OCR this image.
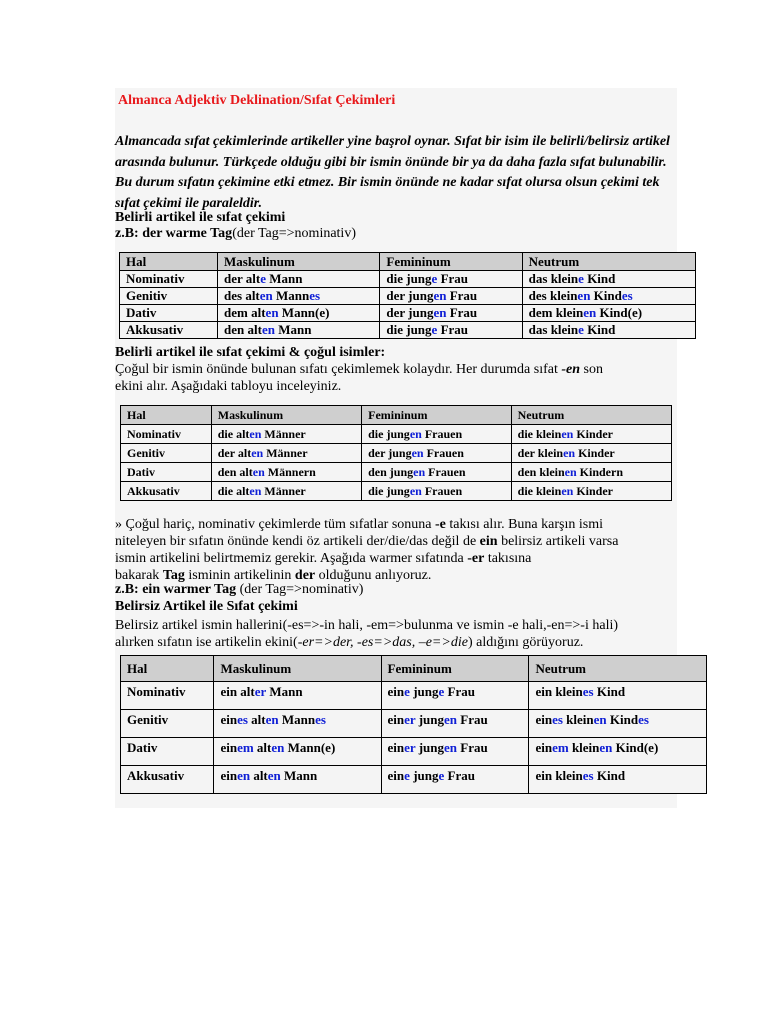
Almanca Adjektiv Deklination/Sıfat Çekimleri
Almancada sıfat çekimlerinde artikeller yine başrol oynar. Sıfat bir isim ile belirli/belirsiz artikel arasında bulunur. Türkçede olduğu gibi bir ismin önünde bir ya da daha fazla sıfat bulunabilir. Bu durum sıfatın çekimine etki etmez. Bir ismin önünde ne kadar sıfat olursa olsun çekimi tek sıfat çekimi ile paraleldir.
Belirli artikel ile sıfat çekimi
z.B: der warme Tag(der Tag=>nominativ)
Hal	Maskulinum	Femininum	Neutrum
Nominativ	der alte Mann	die junge Frau	das kleine Kind
Genitiv	des alten Mannes	der jungen Frau	des kleinen Kindes
Dativ	dem alten Mann(e)	der jungen Frau	dem kleinen Kind(e)
Akkusativ	den alten Mann	die junge Frau	das kleine Kind
Belirli artikel ile sıfat çekimi & çoğul isimler:
Çoğul bir ismin önünde bulunan sıfatı çekimlemek kolaydır. Her durumda sıfat -en son
ekini alır. Aşağıdaki tabloyu inceleyiniz.
Hal	Maskulinum	Femininum	Neutrum
Nominativ	die alten Männer	die jungen Frauen	die kleinen Kinder
Genitiv	der alten Männer	der jungen Frauen	der kleinen Kinder
Dativ	den alten Männern	den jungen Frauen	den kleinen Kindern
Akkusativ	die alten Männer	die jungen Frauen	die kleinen Kinder
» Çoğul hariç, nominativ çekimlerde tüm sıfatlar sonuna -e takısı alır. Buna karşın ismi
niteleyen bir sıfatın önünde kendi öz artikeli der/die/das değil de ein belirsiz artikeli varsa
ismin artikelini belirtmemiz gerekir. Aşağıda warmer sıfatında -er takısına
bakarak Tag isminin artikelinin der olduğunu anlıyoruz.
z.B: ein warmer Tag (der Tag=>nominativ)
Belirsiz Artikel ile Sıfat çekimi
Belirsiz artikel ismin hallerini(-es=>-in hali, -em=>bulunma ve ismin -e hali,-en=>-i hali)
alırken sıfatın ise artikelin ekini(-er=>der, -es=>das, –e=>die) aldığını görüyoruz.
Hal	Maskulinum	Femininum	Neutrum
Nominativ	ein alter Mann	eine junge Frau	ein kleines Kind
Genitiv	eines alten Mannes	einer jungen Frau	eines kleinen Kindes
Dativ	einem alten Mann(e)	einer jungen Frau	einem kleinen Kind(e)
Akkusativ	einen alten Mann	eine junge Frau	ein kleines Kind
